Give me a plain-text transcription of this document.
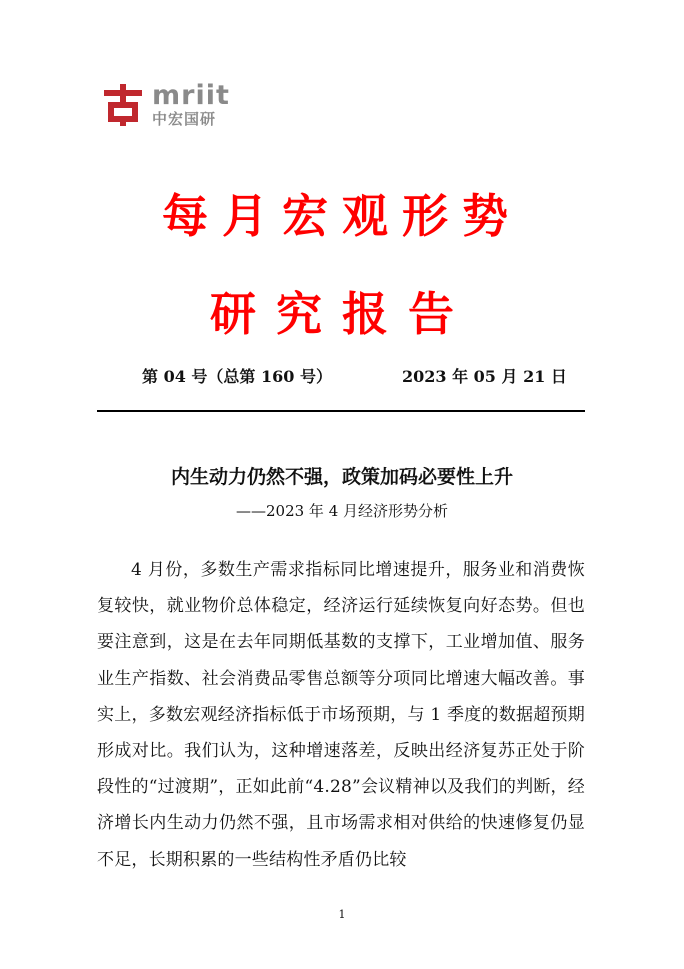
mriit
中宏国研
每月宏观形势
研究报告
第 04 号（总第 160 号）	2023 年 05 月 21 日
内生动力仍然不强，政策加码必要性上升
——2023 年 4 月经济形势分析

4 月份，多数生产需求指标同比增速提升，服务业和消费恢复较快，就业物价总体稳定，经济运行延续恢复向好态势。但也要注意到，这是在去年同期低基数的支撑下，工业增加值、服务业生产指数、社会消费品零售总额等分项同比增速大幅改善。事实上，多数宏观经济指标低于市场预期，与 1 季度的数据超预期形成对比。我们认为，这种增速落差，反映出经济复苏正处于阶段性的“过渡期”，正如此前“4.28”会议精神以及我们的判断，经济增长内生动力仍然不强，且市场需求相对供给的快速修复仍显不足，长期积累的一些结构性矛盾仍比较

1
